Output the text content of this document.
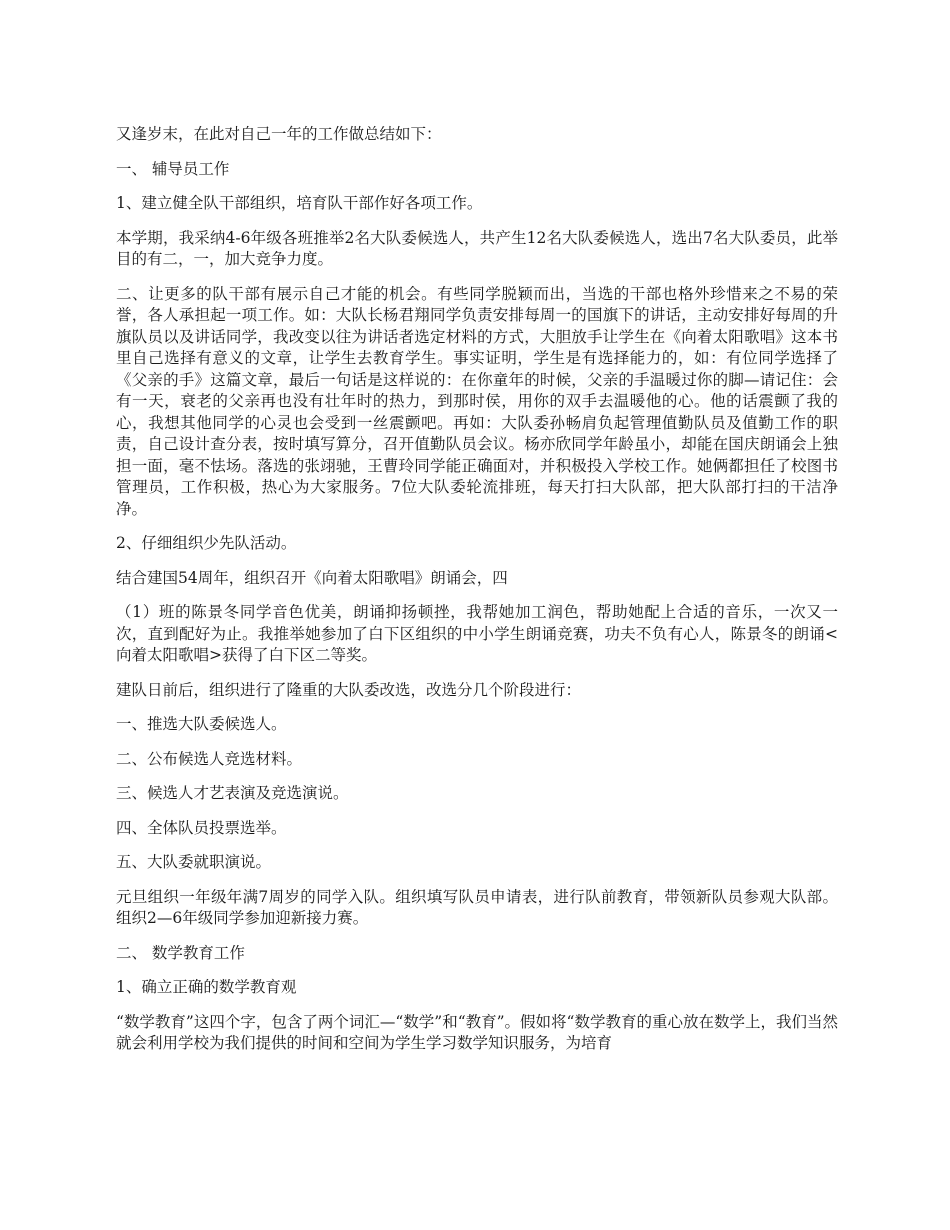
又逢岁末，在此对自己一年的工作做总结如下：

一、 辅导员工作

1、建立健全队干部组织，培育队干部作好各项工作。

本学期，我采纳4-6年级各班推举2名大队委候选人，共产生12名大队委候选人，选出7名大队委员，此举目的有二，一，加大竞争力度。

二、让更多的队干部有展示自己才能的机会。有些同学脱颖而出，当选的干部也格外珍惜来之不易的荣誉，各人承担起一项工作。如：大队长杨君翔同学负责安排每周一的国旗下的讲话，主动安排好每周的升旗队员以及讲话同学，我改变以往为讲话者选定材料的方式，大胆放手让学生在《向着太阳歌唱》这本书里自己选择有意义的文章，让学生去教育学生。事实证明，学生是有选择能力的，如：有位同学选择了《父亲的手》这篇文章，最后一句话是这样说的：在你童年的时候，父亲的手温暖过你的脚—请记住：会有一天，衰老的父亲再也没有壮年时的热力，到那时侯，用你的双手去温暖他的心。他的话震颤了我的心，我想其他同学的心灵也会受到一丝震颤吧。再如：大队委孙畅肩负起管理值勤队员及值勤工作的职责，自己设计查分表，按时填写算分，召开值勤队员会议。杨亦欣同学年龄虽小，却能在国庆朗诵会上独担一面，毫不怯场。落选的张翊驰，王曹玲同学能正确面对，并积极投入学校工作。她俩都担任了校图书管理员，工作积极，热心为大家服务。7位大队委轮流排班，每天打扫大队部，把大队部打扫的干洁净净。

2、仔细组织少先队活动。

结合建国54周年，组织召开《向着太阳歌唱》朗诵会，四

（1）班的陈景冬同学音色优美，朗诵抑扬顿挫，我帮她加工润色，帮助她配上合适的音乐，一次又一次，直到配好为止。我推举她参加了白下区组织的中小学生朗诵竞赛，功夫不负有心人，陈景冬的朗诵<向着太阳歌唱>获得了白下区二等奖。

建队日前后，组织进行了隆重的大队委改选，改选分几个阶段进行：

一、推选大队委候选人。

二、公布候选人竞选材料。

三、候选人才艺表演及竞选演说。

四、全体队员投票选举。

五、大队委就职演说。

元旦组织一年级年满7周岁的同学入队。组织填写队员申请表，进行队前教育，带领新队员参观大队部。组织2—6年级同学参加迎新接力赛。

二、 数学教育工作

1、确立正确的数学教育观

“数学教育”这四个字，包含了两个词汇—“数学”和“教育”。假如将“数学教育的重心放在数学上，我们当然就会利用学校为我们提供的时间和空间为学生学习数学知识服务，为培育
